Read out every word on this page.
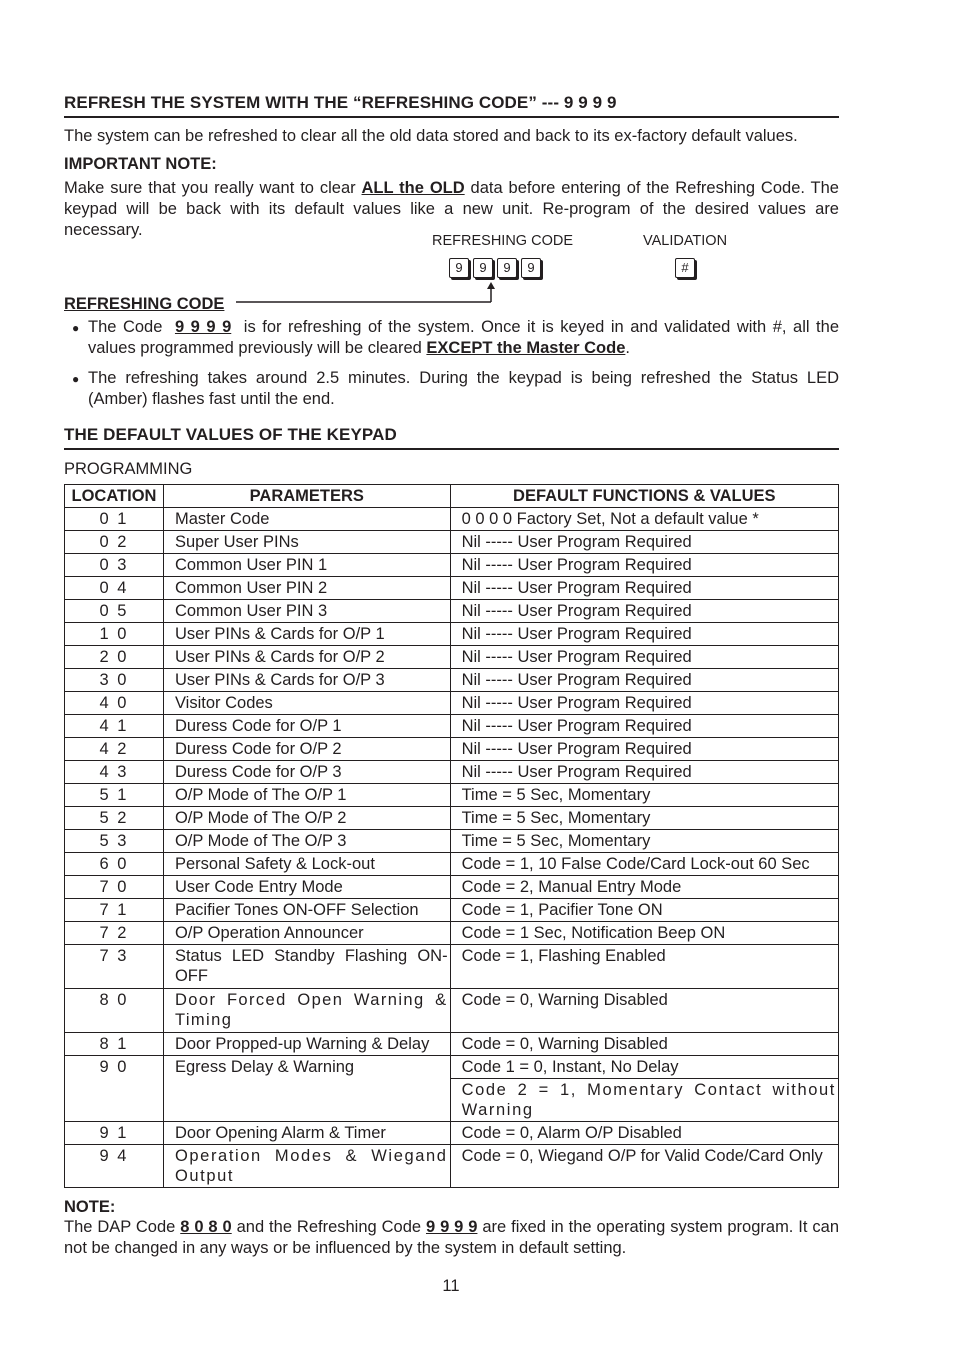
REFRESH THE SYSTEM WITH THE “REFRESHING CODE” --- 9 9 9 9
The system can be refreshed to clear all the old data stored and back to its ex-factory default values.
IMPORTANT NOTE:
Make sure that you really want to clear ALL the OLD data before entering of the Refreshing Code. The keypad will be back with its default values like a new unit. Re-program of the desired values are necessary.
REFRESHING CODE	VALIDATION
9 9 9 9	#
REFRESHING CODE
● The Code 9 9 9 9 is for refreshing of the system. Once it is keyed in and validated with #, all the values programmed previously will be cleared EXCEPT the Master Code.
● The refreshing takes around 2.5 minutes. During the keypad is being refreshed the Status LED (Amber) flashes fast until the end.
THE DEFAULT VALUES OF THE KEYPAD
PROGRAMMING
LOCATION	PARAMETERS	DEFAULT FUNCTIONS & VALUES
0 1	Master Code	0 0 0 0 Factory Set, Not a default value *
0 2	Super User PINs	Nil ----- User Program Required
0 3	Common User PIN 1	Nil ----- User Program Required
0 4	Common User PIN 2	Nil ----- User Program Required
0 5	Common User PIN 3	Nil ----- User Program Required
1 0	User PINs & Cards for O/P 1	Nil ----- User Program Required
2 0	User PINs & Cards for O/P 2	Nil ----- User Program Required
3 0	User PINs & Cards for O/P 3	Nil ----- User Program Required
4 0	Visitor Codes	Nil ----- User Program Required
4 1	Duress Code for O/P 1	Nil ----- User Program Required
4 2	Duress Code for O/P 2	Nil ----- User Program Required
4 3	Duress Code for O/P 3	Nil ----- User Program Required
5 1	O/P Mode of The O/P 1	Time = 5 Sec, Momentary
5 2	O/P Mode of The O/P 2	Time = 5 Sec, Momentary
5 3	O/P Mode of The O/P 3	Time = 5 Sec, Momentary
6 0	Personal Safety & Lock-out	Code = 1, 10 False Code/Card Lock-out 60 Sec
7 0	User Code Entry Mode	Code = 2, Manual Entry Mode
7 1	Pacifier Tones ON-OFF Selection	Code = 1, Pacifier Tone ON
7 2	O/P Operation Announcer	Code = 1 Sec, Notification Beep ON
7 3	Status LED Standby Flashing ON-OFF	Code = 1, Flashing Enabled
8 0	Door Forced Open Warning & Timing	Code = 0, Warning Disabled
8 1	Door Propped-up Warning & Delay	Code = 0, Warning Disabled
9 0	Egress Delay & Warning	Code 1 = 0, Instant, No Delay
		Code 2 = 1, Momentary Contact without Warning
9 1	Door Opening Alarm & Timer	Code = 0, Alarm O/P Disabled
9 4	Operation Modes & Wiegand Output	Code = 0, Wiegand O/P for Valid Code/Card Only
NOTE:
The DAP Code 8 0 8 0 and the Refreshing Code 9 9 9 9 are fixed in the operating system program. It can not be changed in any ways or be influenced by the system in default setting.
11
